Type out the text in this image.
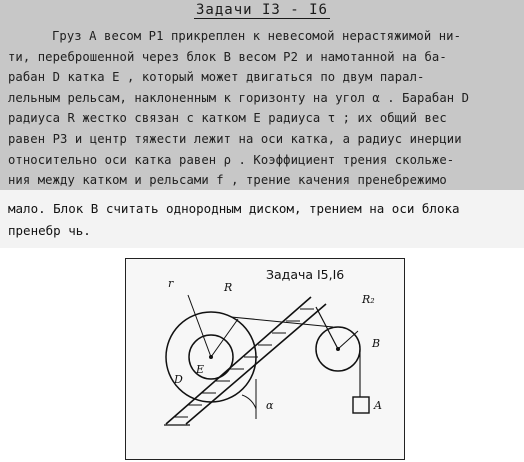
Задачи I3 - I6
Груз A весом P1 прикреплен к невесомой нерастяжимой ни-
ти, переброшенной через блок B весом P2 и намотанной на ба-
рабан D катка E , который может двигаться по двум парал-
лельным рельсам, наклоненным к горизонту на угол α . Барабан D
радиуса R жестко связан с катком E радиуса τ ; их общий вес
равен P3 и центр тяжести лежит на оси катка, а радиус инерции
относительно оси катка равен ρ . Коэффициент трения скольже-
ния между катком и рельсами f , трение качения пренебрежимо
мало. Блок B считать однородным диском, трением на оси блока
пренебр чь.
Задача I5,I6
r	R
R₂
B
D
E
α	A
